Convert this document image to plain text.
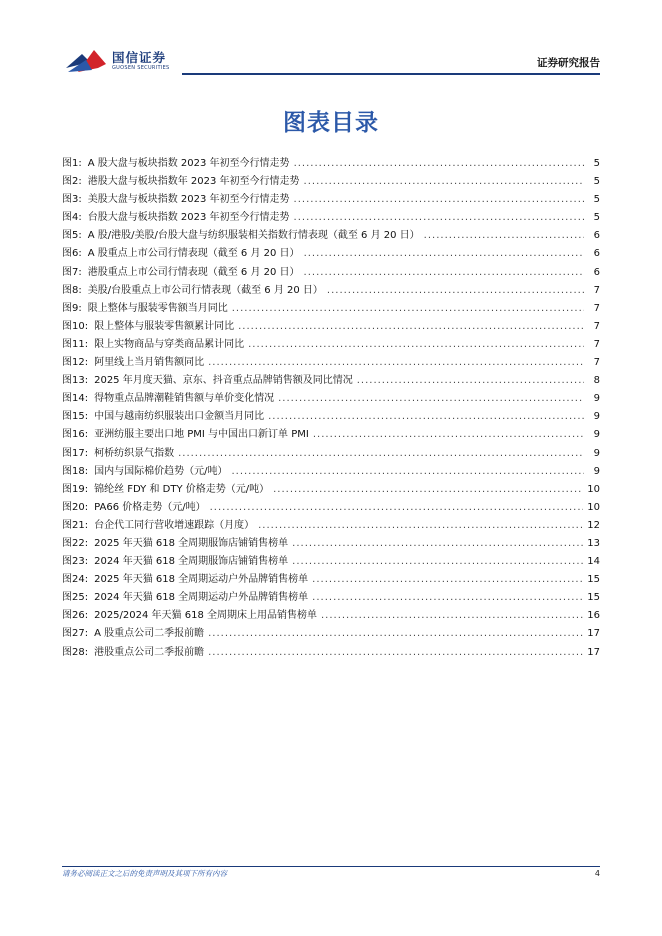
国信证券
GUOSEN SECURITIES	证券研究报告
图表目录
图1: A 股大盘与板块指数 2023 年初至今行情走势 .....	5
图2: 港股大盘与板块指数年 2023 年初至今行情走势 .....	5
图3: 美股大盘与板块指数 2023 年初至今行情走势 .....	5
图4: 台股大盘与板块指数 2023 年初至今行情走势 .....	5
图5: A 股/港股/美股/台股大盘与纺织服装相关指数行情表现（截至 6 月 20 日） .....	6
图6: A 股重点上市公司行情表现（截至 6 月 20 日） .....	6
图7: 港股重点上市公司行情表现（截至 6 月 20 日） .....	6
图8: 美股/台股重点上市公司行情表现（截至 6 月 20 日） .....	7
图9: 限上整体与服装零售额当月同比 .....	7
图10: 限上整体与服装零售额累计同比 .....	7
图11: 限上实物商品与穿类商品累计同比 .....	7
图12: 阿里线上当月销售额同比 .....	7
图13: 2025 年月度天猫、京东、抖音重点品牌销售额及同比情况 .....	8
图14: 得物重点品牌潮鞋销售额与单价变化情况 .....	9
图15: 中国与越南纺织服装出口金额当月同比 .....	9
图16: 亚洲纺服主要出口地 PMI 与中国出口新订单 PMI .....	9
图17: 柯桥纺织景气指数 .....	9
图18: 国内与国际棉价趋势（元/吨） .....	9
图19: 锦纶丝 FDY 和 DTY 价格走势（元/吨） .....	10
图20: PA66 价格走势（元/吨） .....	10
图21: 台企代工同行营收增速跟踪（月度） .....	12
图22: 2025 年天猫 618 全周期服饰店铺销售榜单 .....	13
图23: 2024 年天猫 618 全周期服饰店铺销售榜单 .....	14
图24: 2025 年天猫 618 全周期运动户外品牌销售榜单 .....	15
图25: 2024 年天猫 618 全周期运动户外品牌销售榜单 .....	15
图26: 2025/2024 年天猫 618 全周期床上用品销售榜单 .....	16
图27: A 股重点公司二季报前瞻 .....	17
图28: 港股重点公司二季报前瞻 .....	17
请务必阅读正文之后的免责声明及其项下所有内容	4
